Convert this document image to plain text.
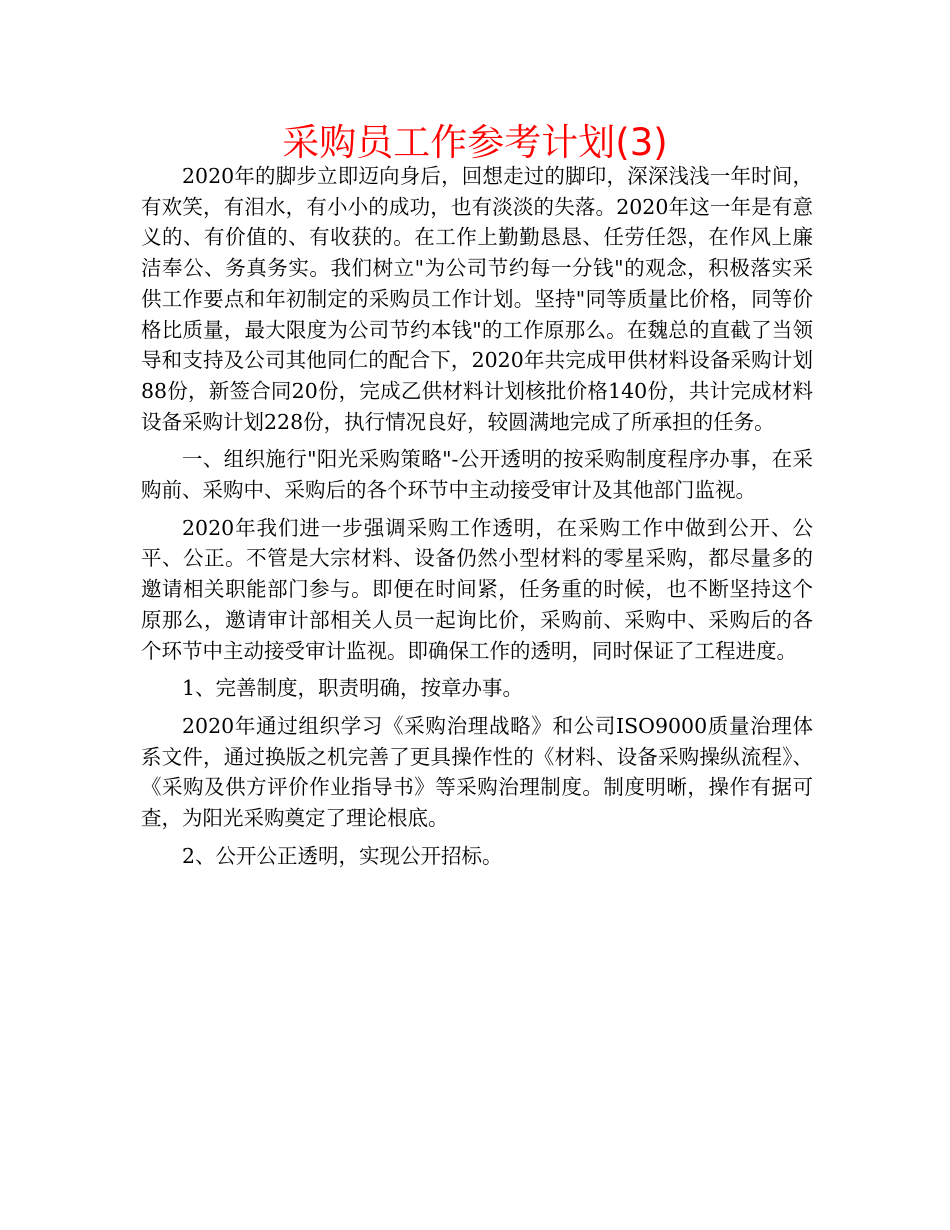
采购员工作参考计划(3)

2020年的脚步立即迈向身后，回想走过的脚印，深深浅浅一年时间，有欢笑，有泪水，有小小的成功，也有淡淡的失落。2020年这一年是有意义的、有价值的、有收获的。在工作上勤勤恳恳、任劳任怨，在作风上廉洁奉公、务真务实。我们树立"为公司节约每一分钱"的观念，积极落实采供工作要点和年初制定的采购员工作计划。坚持"同等质量比价格，同等价格比质量，最大限度为公司节约本钱"的工作原那么。在魏总的直截了当领导和支持及公司其他同仁的配合下，2020年共完成甲供材料设备采购计划88份，新签合同20份，完成乙供材料计划核批价格140份，共计完成材料设备采购计划228份，执行情况良好，较圆满地完成了所承担的任务。

一、组织施行"阳光采购策略"-公开透明的按采购制度程序办事，在采购前、采购中、采购后的各个环节中主动接受审计及其他部门监视。

2020年我们进一步强调采购工作透明，在采购工作中做到公开、公平、公正。不管是大宗材料、设备仍然小型材料的零星采购，都尽量多的邀请相关职能部门参与。即便在时间紧，任务重的时候，也不断坚持这个原那么，邀请审计部相关人员一起询比价，采购前、采购中、采购后的各个环节中主动接受审计监视。即确保工作的透明，同时保证了工程进度。

1、完善制度，职责明确，按章办事。

2020年通过组织学习《采购治理战略》和公司ISO9000质量治理体系文件，通过换版之机完善了更具操作性的《材料、设备采购操纵流程》、《采购及供方评价作业指导书》等采购治理制度。制度明晰，操作有据可查，为阳光采购奠定了理论根底。

2、公开公正透明，实现公开招标。
